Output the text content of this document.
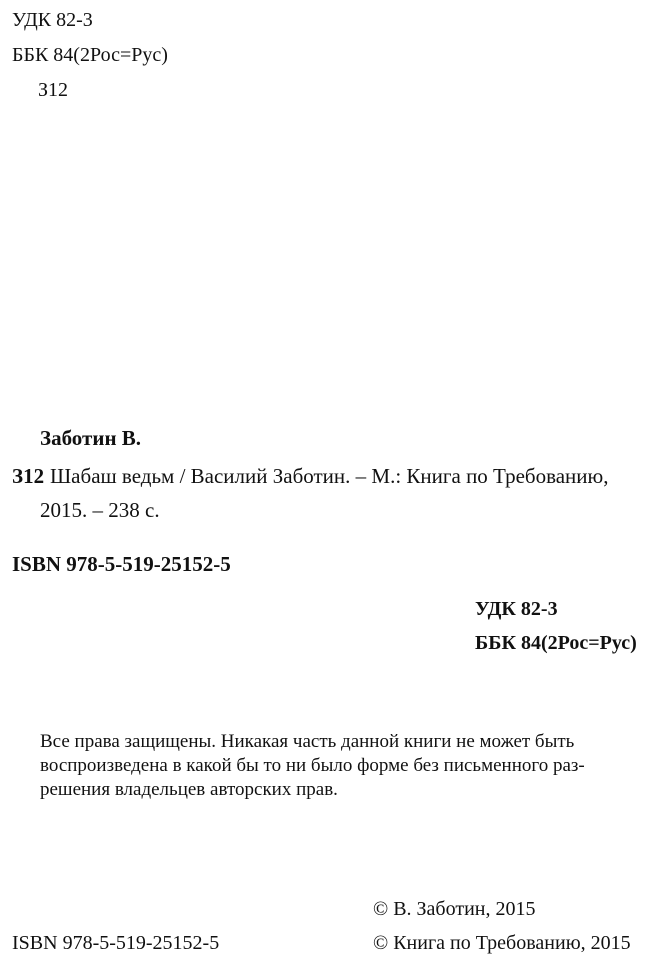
УДК 82-3
ББК 84(2Рос=Рус)
З12
Заботин В.
З12 Шабаш ведьм / Василий Заботин. – М.: Книга по Требованию,
2015. – 238 с.
ISBN 978-5-519-25152-5
УДК 82-3
ББК 84(2Рос=Рус)
Все права защищены. Никакая часть данной книги не может быть
воспроизведена в какой бы то ни было форме без письменного раз-
решения владельцев авторских прав.
© В. Заботин, 2015
ISBN 978-5-519-25152-5	© Книга по Требованию, 2015
